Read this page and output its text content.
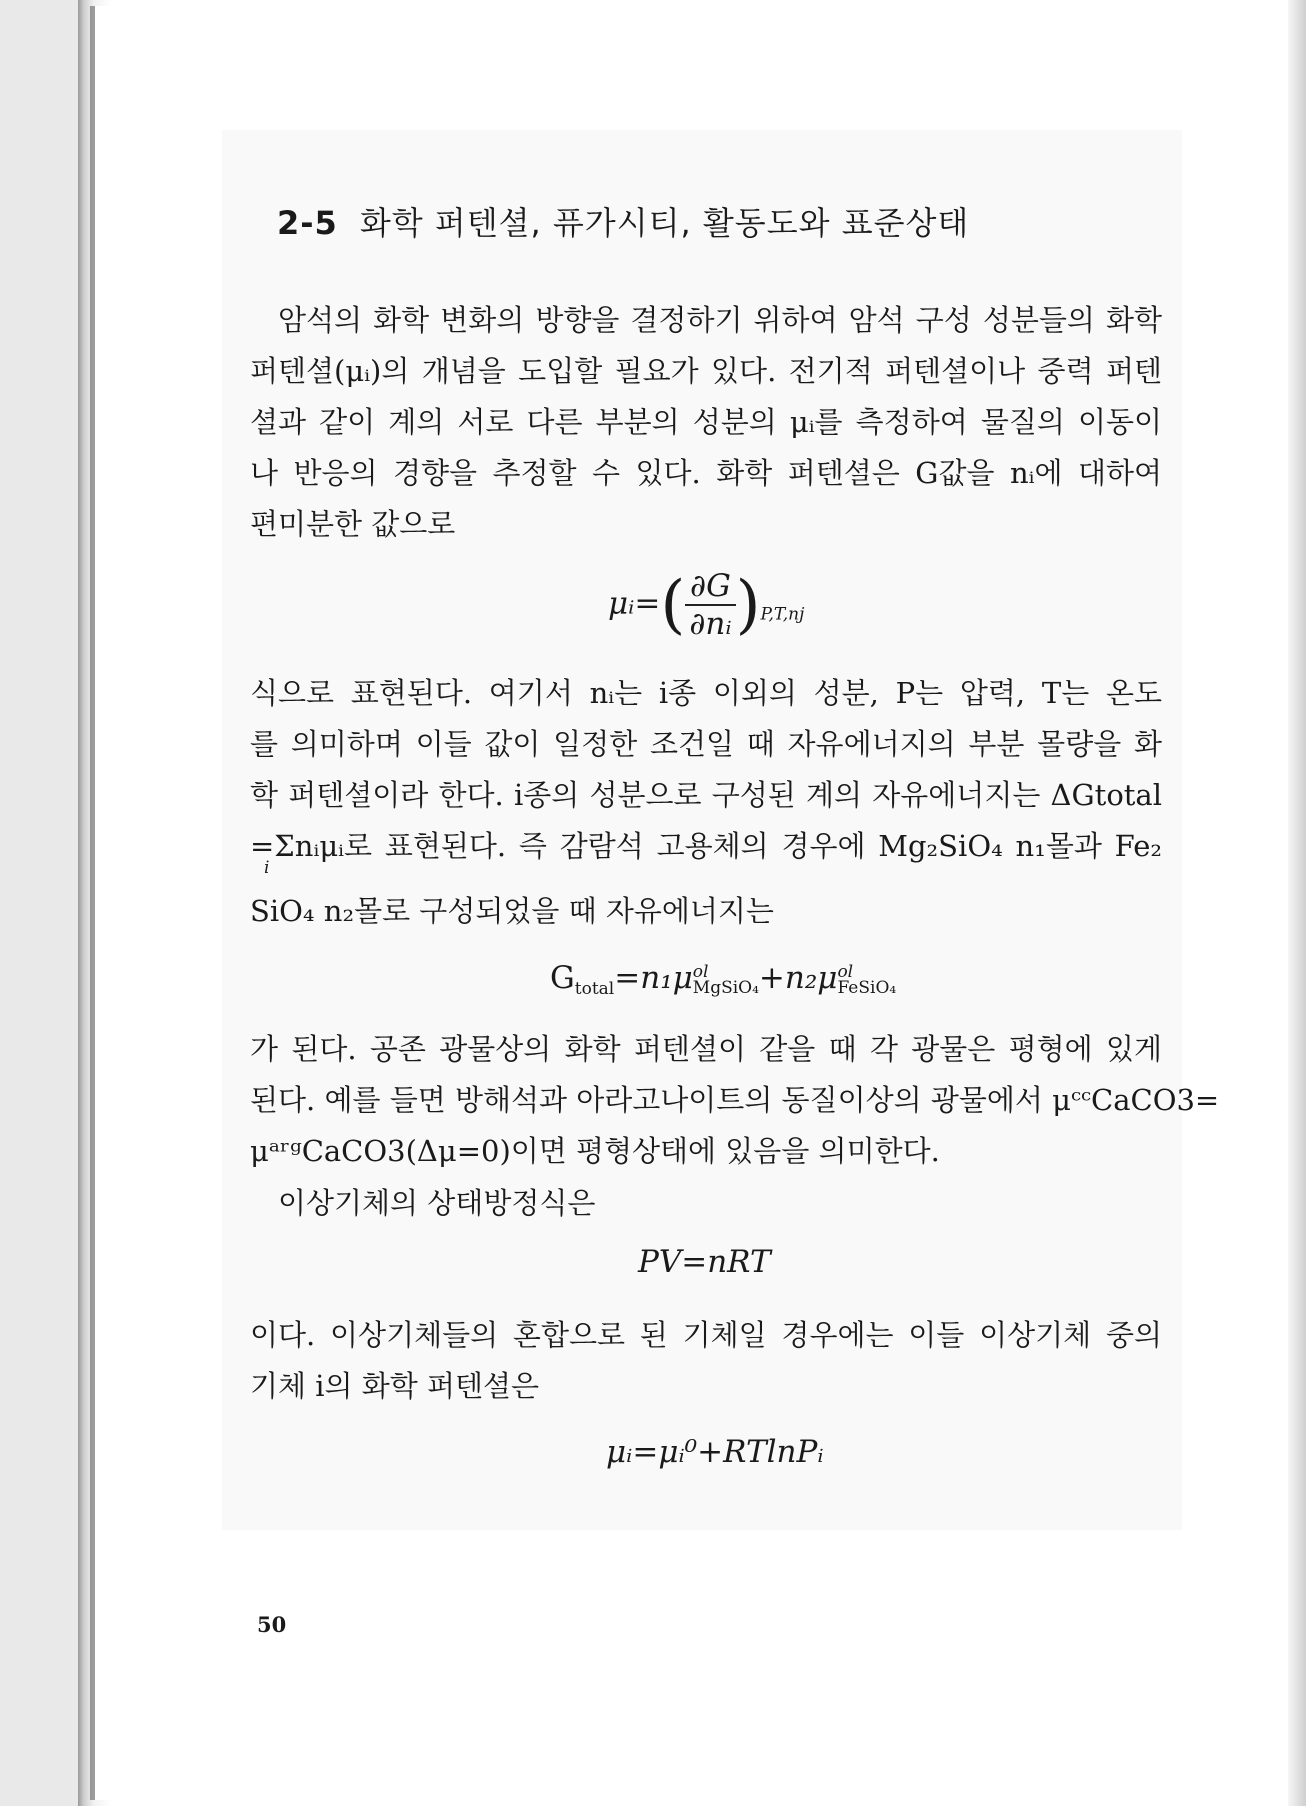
2-5 화학 퍼텐셜, 퓨가시티, 활동도와 표준상태
암석의 화학 변화의 방향을 결정하기 위하여 암석 구성 성분들의 화학
퍼텐셜(μᵢ)의 개념을 도입할 필요가 있다. 전기적 퍼텐셜이나 중력 퍼텐
셜과 같이 계의 서로 다른 부분의 성분의 μᵢ를 측정하여 물질의 이동이
나 반응의 경향을 추정할 수 있다. 화학 퍼텐셜은 G값을 nᵢ에 대하여
편미분한 값으로
μᵢ=( $\frac{\partial G}{\text{∂nᵢ}} )_{P,T,nj}$
식으로 표현된다. 여기서 nᵢ는 i종 이외의 성분, P는 압력, T는 온도
를 의미하며 이들 값이 일정한 조건일 때 자유에너지의 부분 몰량을 화
학 퍼텐셜이라 한다. i종의 성분으로 구성된 계의 자유에너지는 ΔGtotal
=Σnᵢμᵢ로 표현된다. 즉 감람석 고용체의 경우에 Mg₂SiO₄ n₁몰과 Fe₂
SiO₄ n₂몰로 구성되었을 때 자유에너지는
i
$G_{total}=n_1\mu$ ol
MgSiO₄ +n₂μ ol
FeSiO₄
가 된다. 공존 광물상의 화학 퍼텐셜이 같을 때 각 광물은 평형에 있게
된다. 예를 들면 방해석과 아라고나이트의 동질이상의 광물에서 μᶜᶜCaCO3=
μᵃʳᵍCaCO3(Δμ=0)이면 평형상태에 있음을 의미한다.
이상기체의 상태방정식은
PV=nRT
이다. 이상기체들의 혼합으로 된 기체일 경우에는 이들 이상기체 중의
기체 i의 화학 퍼텐셜은
μᵢ=μᵢ⁰+RTlnPᵢ
50
